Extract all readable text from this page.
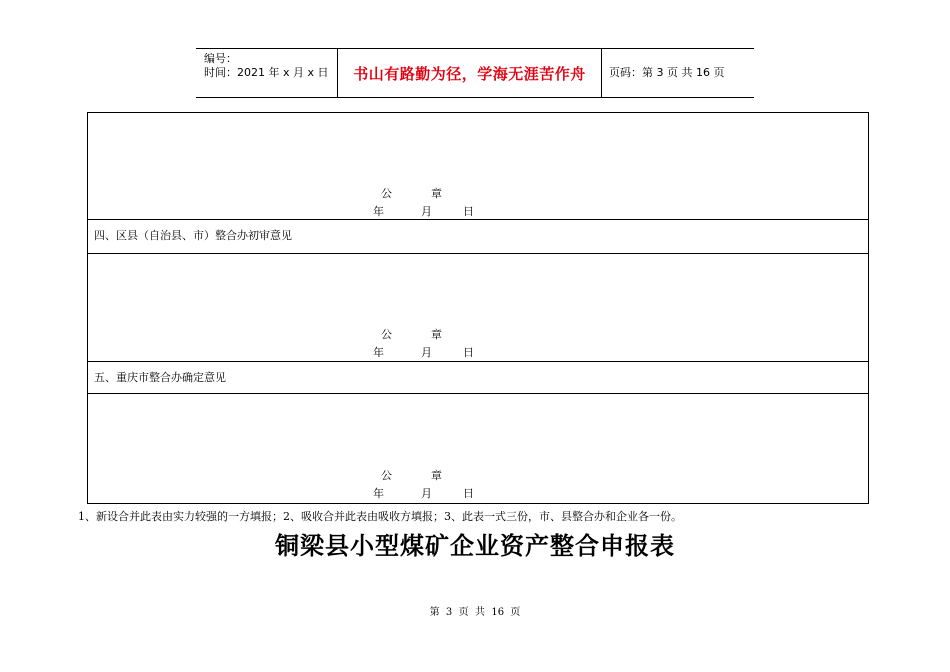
编号：
时间：2021 年 x 月 x 日 书山有路勤为径，学海无涯苦作舟 页码：第 3 页 共 16 页
公	章
年	月	日
四、区县（自治县、市）整合办初审意见
公	章
年	月	日
五、重庆市整合办确定意见
公	章
年	月	日
1、新设合并此表由实力较强的一方填报；2、吸收合并此表由吸收方填报；3、此表一式三份，市、县整合办和企业各一份。
铜梁县小型煤矿企业资产整合申报表
第  3  页  共  16  页
